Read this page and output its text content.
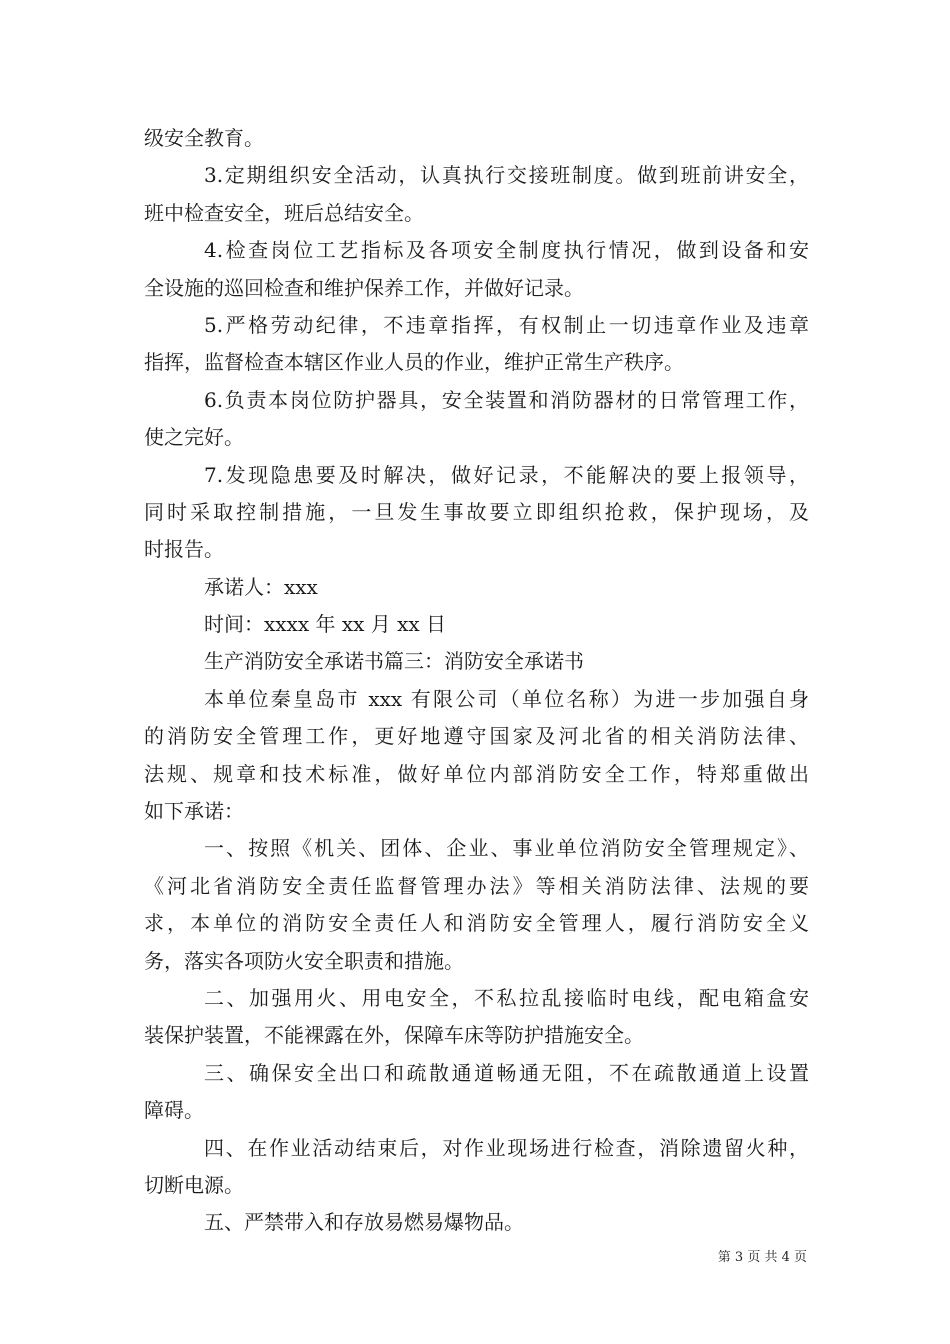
级安全教育。
3.定期组织安全活动，认真执行交接班制度。做到班前讲安全，
班中检查安全，班后总结安全。
4.检查岗位工艺指标及各项安全制度执行情况，做到设备和安
全设施的巡回检查和维护保养工作，并做好记录。
5.严格劳动纪律，不违章指挥，有权制止一切违章作业及违章
指挥，监督检查本辖区作业人员的作业，维护正常生产秩序。
6.负责本岗位防护器具，安全装置和消防器材的日常管理工作，
使之完好。
7.发现隐患要及时解决，做好记录，不能解决的要上报领导，
同时采取控制措施，一旦发生事故要立即组织抢救，保护现场，及
时报告。
承诺人：xxx
时间：xxxx 年 xx 月 xx 日
生产消防安全承诺书篇三：消防安全承诺书
本单位秦皇岛市 xxx 有限公司（单位名称）为进一步加强自身
的消防安全管理工作，更好地遵守国家及河北省的相关消防法律、
法规、规章和技术标准，做好单位内部消防安全工作，特郑重做出
如下承诺：
一、按照《机关、团体、企业、事业单位消防安全管理规定》、
《河北省消防安全责任监督管理办法》等相关消防法律、法规的要
求，本单位的消防安全责任人和消防安全管理人，履行消防安全义
务，落实各项防火安全职责和措施。
二、加强用火、用电安全，不私拉乱接临时电线，配电箱盒安
装保护装置，不能裸露在外，保障车床等防护措施安全。
三、确保安全出口和疏散通道畅通无阻，不在疏散通道上设置
障碍。
四、在作业活动结束后，对作业现场进行检查，消除遗留火种，
切断电源。
五、严禁带入和存放易燃易爆物品。
第 3 页 共 4 页
